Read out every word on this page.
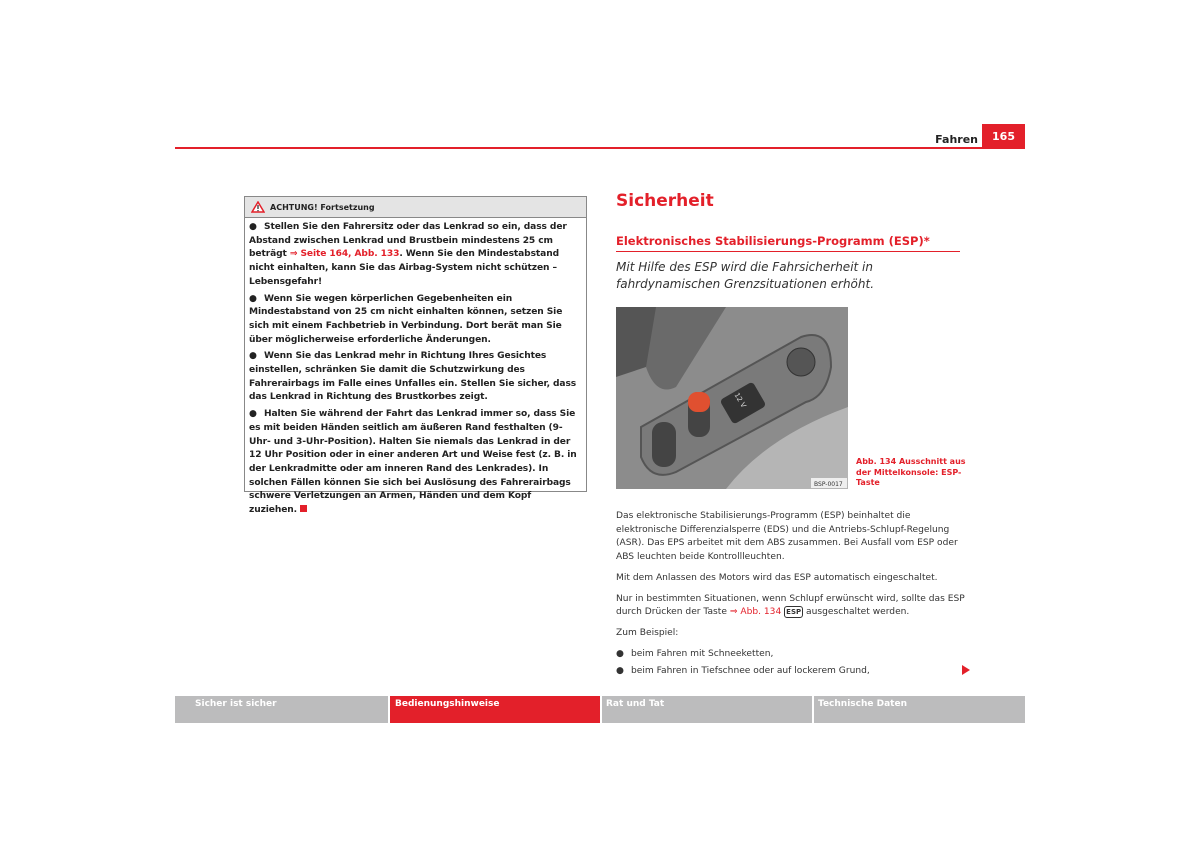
Fahren	165
ACHTUNG! Fortsetzung

● Stellen Sie den Fahrersitz oder das Lenkrad so ein, dass der Abstand zwischen Lenkrad und Brustbein mindestens 25 cm beträgt ⇒ Seite 164, Abb. 133. Wenn Sie den Mindestabstand nicht einhalten, kann Sie das Airbag-System nicht schützen – Lebensgefahr!

● Wenn Sie wegen körperlichen Gegebenheiten ein Mindestabstand von 25 cm nicht einhalten können, setzen Sie sich mit einem Fachbetrieb in Verbindung. Dort berät man Sie über möglicherweise erforderliche Änderungen.

● Wenn Sie das Lenkrad mehr in Richtung Ihres Gesichtes einstellen, schränken Sie damit die Schutzwirkung des Fahrerairbags im Falle eines Unfalles ein. Stellen Sie sicher, dass das Lenkrad in Richtung des Brustkorbes zeigt.

● Halten Sie während der Fahrt das Lenkrad immer so, dass Sie es mit beiden Händen seitlich am äußeren Rand festhalten (9-Uhr- und 3-Uhr-Position). Halten Sie niemals das Lenkrad in der 12 Uhr Position oder in einer anderen Art und Weise fest (z. B. in der Lenkradmitte oder am inneren Rand des Lenkrades). In solchen Fällen können Sie sich bei Auslösung des Fahrerairbags schwere Verletzungen an Armen, Händen und dem Kopf zuziehen.

Sicherheit
Elektronisches Stabilisierungs-Programm (ESP)*
Mit Hilfe des ESP wird die Fahrsicherheit in fahrdynamischen Grenzsituationen erhöht.
12 V
BSP-0017
Abb. 134 Ausschnitt aus der Mittelkonsole: ESP-Taste

Das elektronische Stabilisierungs-Programm (ESP) beinhaltet die elektronische Differenzialsperre (EDS) und die Antriebs-Schlupf-Regelung (ASR). Das EPS arbeitet mit dem ABS zusammen. Bei Ausfall vom ESP oder ABS leuchten beide Kontrollleuchten.

Mit dem Anlassen des Motors wird das ESP automatisch eingeschaltet.

Nur in bestimmten Situationen, wenn Schlupf erwünscht wird, sollte das ESP durch Drücken der Taste ⇒ Abb. 134 ESP ausgeschaltet werden.

Zum Beispiel:

● beim Fahren mit Schneeketten,
● beim Fahren in Tiefschnee oder auf lockerem Grund,
Sicher ist sicher	Bedienungshinweise	Rat und Tat	Technische Daten
